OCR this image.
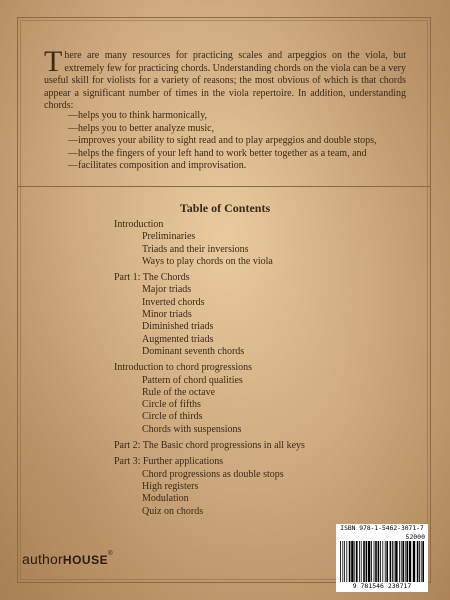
There are many resources for practicing scales and arpeggios on the viola, but extremely few for practicing chords. Understanding chords on the viola can be a very useful skill for violists for a variety of reasons; the most obvious of which is that chords appear a significant number of times in the viola repertoire. In addition, understanding chords:
—helps you to think harmonically,
—helps you to better analyze music,
—improves your ability to sight read and to play arpeggios and double stops,
—helps the fingers of your left hand to work better together as a team, and
—facilitates composition and improvisation.
Table of Contents
Introduction
Preliminaries
Triads and their inversions
Ways to play chords on the viola
Part 1: The Chords
Major triads
Inverted chords
Minor triads
Diminished triads
Augmented triads
Dominant seventh chords
Introduction to chord progressions
Pattern of chord qualities
Rule of the octave
Circle of fifths
Circle of thirds
Chords with suspensions
Part 2: The Basic chord progressions in all keys
Part 3: Further applications
Chord progressions as double stops
High registers
Modulation
Quiz on chords
ISBN 978-1-5462-3071-7
52000
9 781546 230717
authorHOUSE®
